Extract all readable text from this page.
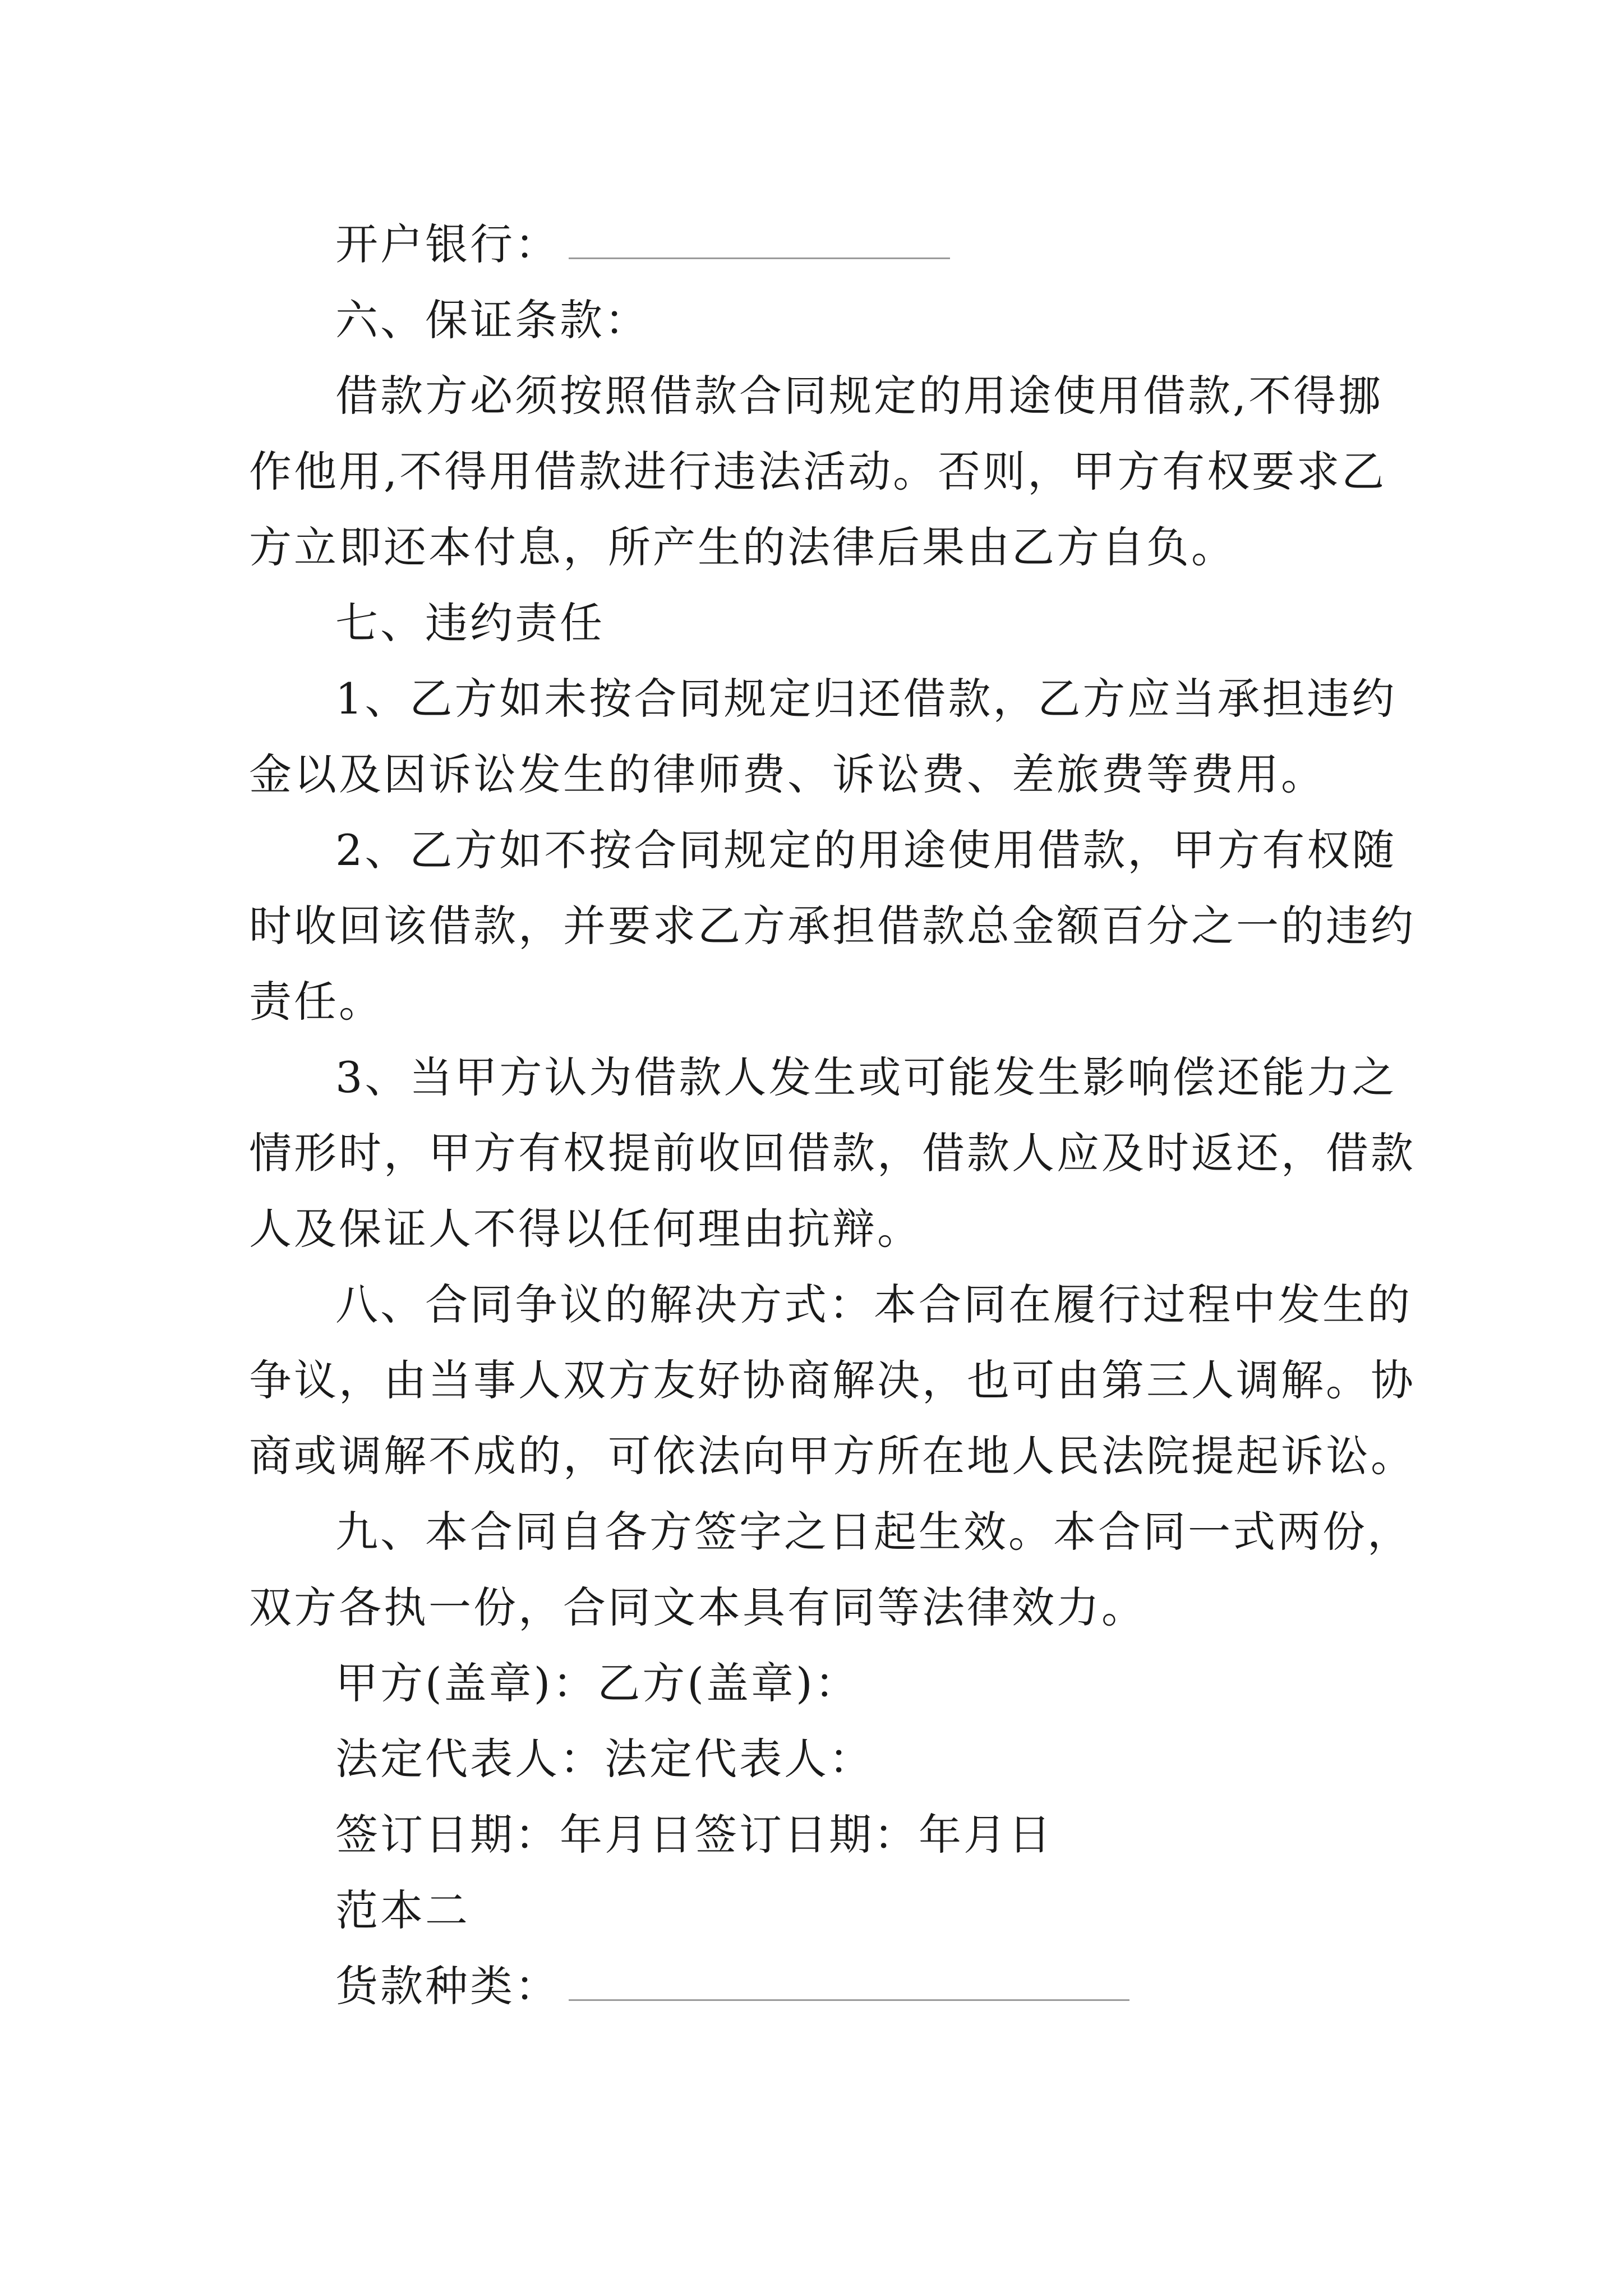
开户银行：
六、保证条款：
借款方必须按照借款合同规定的用途使用借款,不得挪
作他用,不得用借款进行违法活动。否则，甲方有权要求乙
方立即还本付息，所产生的法律后果由乙方自负。
七、违约责任
1、乙方如未按合同规定归还借款，乙方应当承担违约
金以及因诉讼发生的律师费、诉讼费、差旅费等费用。
2、乙方如不按合同规定的用途使用借款，甲方有权随
时收回该借款，并要求乙方承担借款总金额百分之一的违约
责任。
3、当甲方认为借款人发生或可能发生影响偿还能力之
情形时，甲方有权提前收回借款，借款人应及时返还，借款
人及保证人不得以任何理由抗辩。
八、合同争议的解决方式：本合同在履行过程中发生的
争议，由当事人双方友好协商解决，也可由第三人调解。协
商或调解不成的，可依法向甲方所在地人民法院提起诉讼。
九、本合同自各方签字之日起生效。本合同一式两份，
双方各执一份，合同文本具有同等法律效力。
甲方(盖章)：乙方(盖章)：
法定代表人：法定代表人：
签订日期：年月日签订日期：年月日
范本二
货款种类：
